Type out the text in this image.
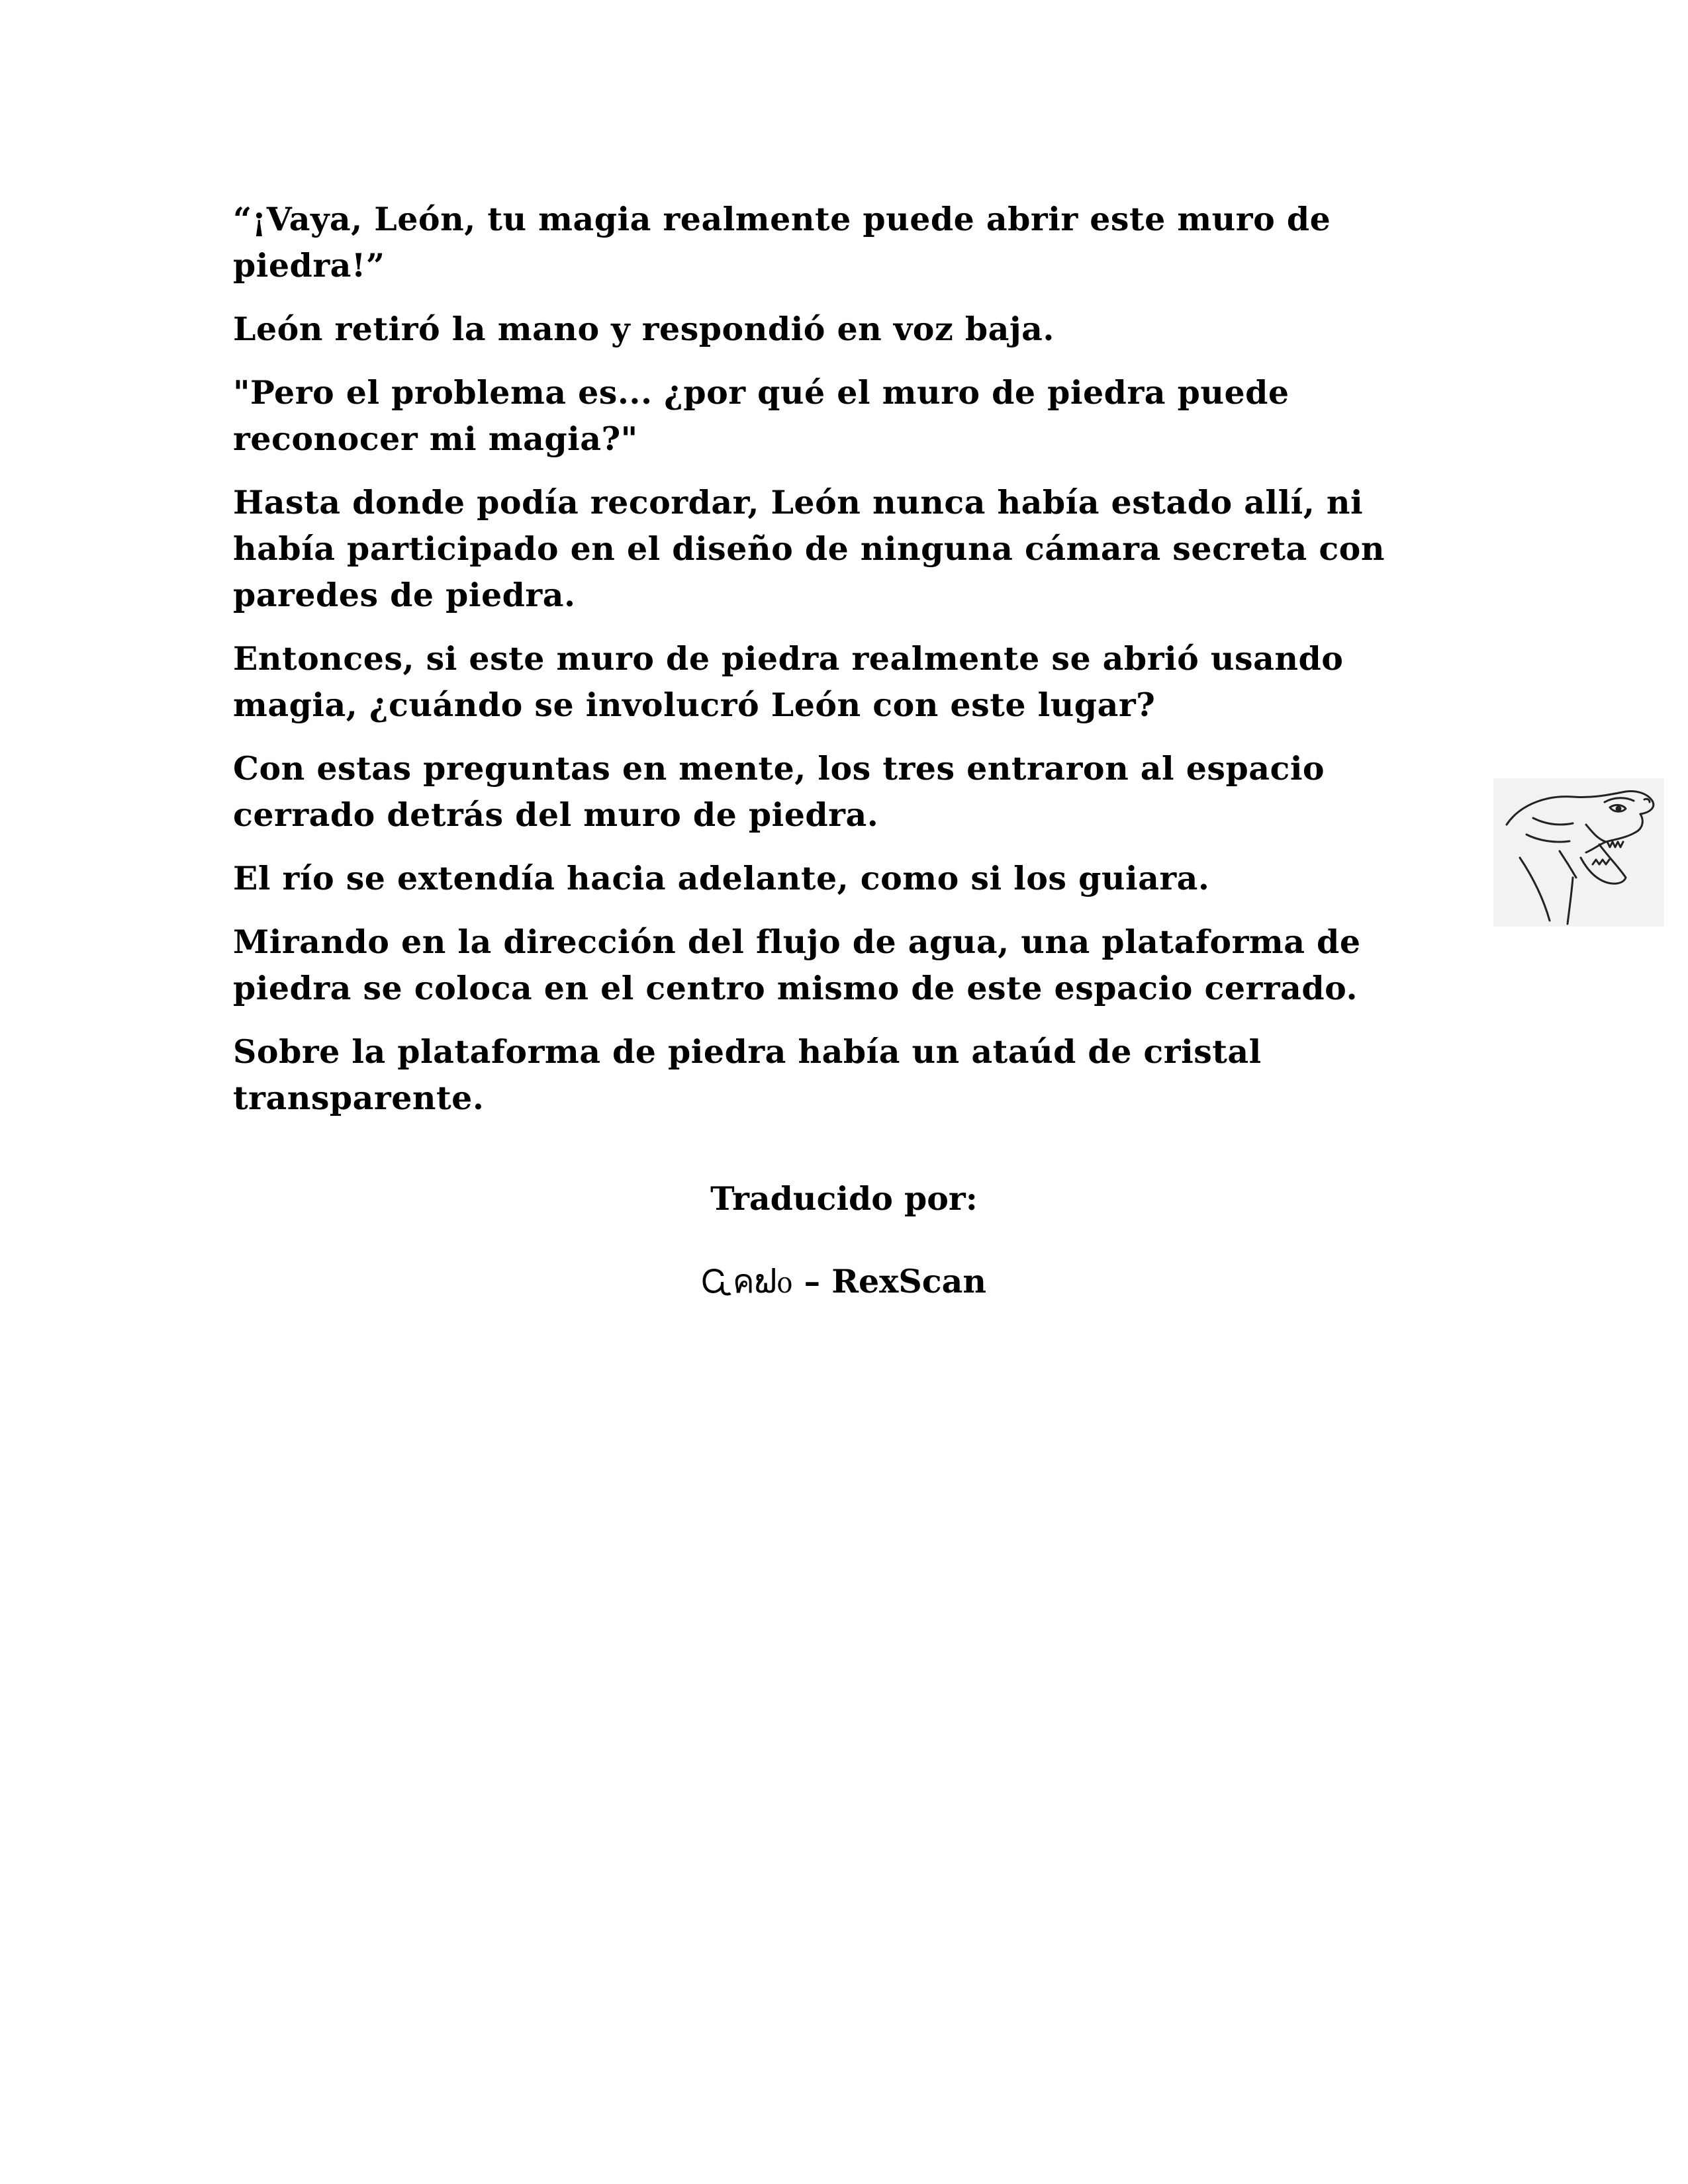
“¡Vaya, León, tu magia realmente puede abrir este muro de piedra!”

León retiró la mano y respondió en voz baja.

"Pero el problema es... ¿por qué el muro de piedra puede reconocer mi magia?"

Hasta donde podía recordar, León nunca había estado allí, ni había participado en el diseño de ninguna cámara secreta con paredes de piedra.

Entonces, si este muro de piedra realmente se abrió usando magia, ¿cuándo se involucró León con este lugar?

Con estas preguntas en mente, los tres entraron al espacio cerrado detrás del muro de piedra.

El río se extendía hacia adelante, como si los guiara.

Mirando en la dirección del flujo de agua, una plataforma de piedra se coloca en el centro mismo de este espacio cerrado.

Sobre la plataforma de piedra había un ataúd de cristal transparente.

Traducido por:
Ꮹคຟᦞ – RexScan
